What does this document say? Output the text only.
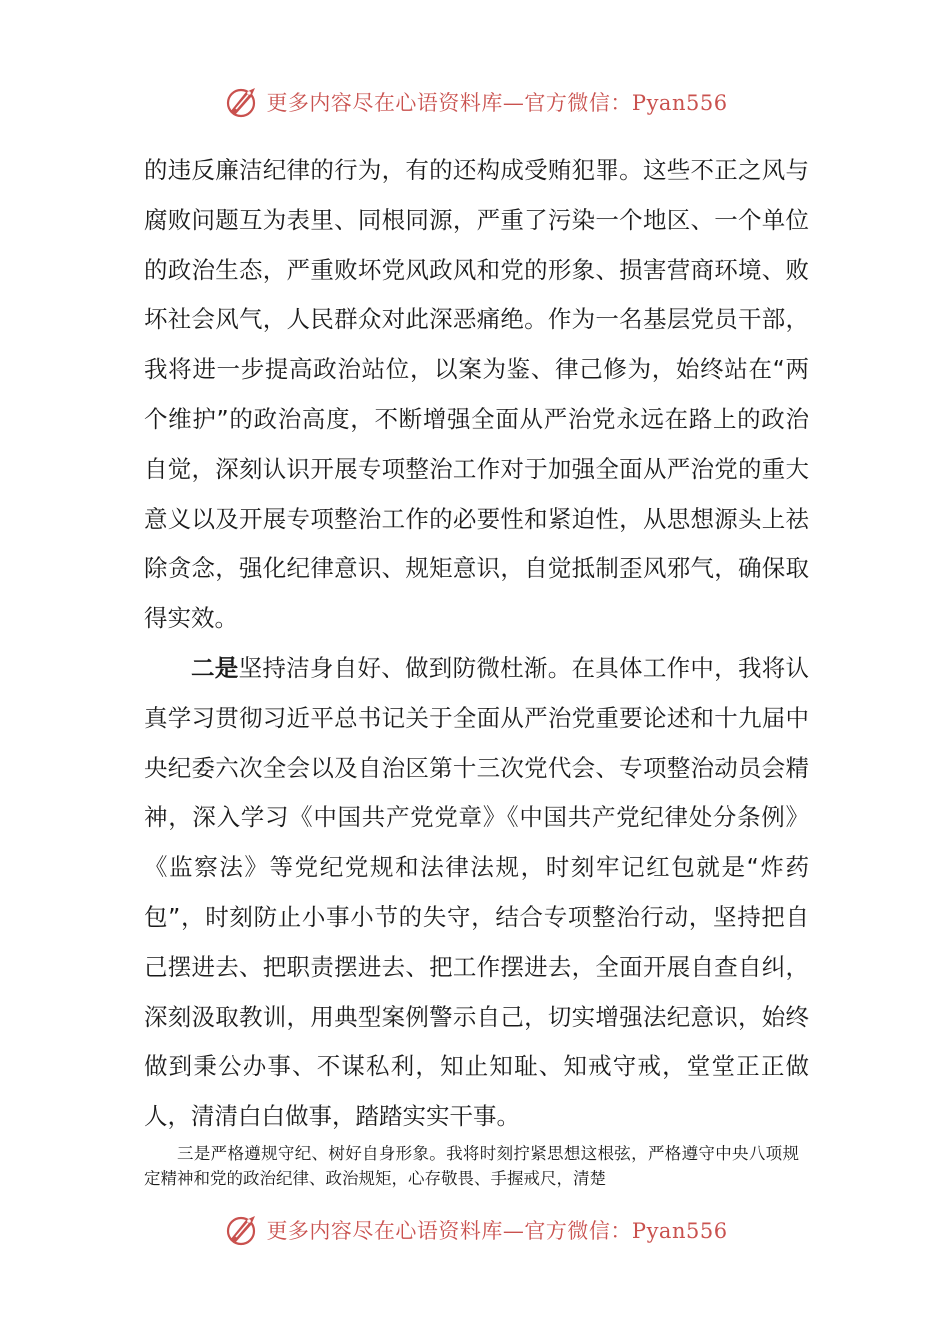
更多内容尽在心语资料库—官方微信：Pyan556

的违反廉洁纪律的行为，有的还构成受贿犯罪。这些不正之风与腐败问题互为表里、同根同源，严重了污染一个地区、一个单位的政治生态，严重败坏党风政风和党的形象、损害营商环境、败坏社会风气，人民群众对此深恶痛绝。作为一名基层党员干部，我将进一步提高政治站位，以案为鉴、律己修为，始终站在“两个维护”的政治高度，不断增强全面从严治党永远在路上的政治自觉，深刻认识开展专项整治工作对于加强全面从严治党的重大意义以及开展专项整治工作的必要性和紧迫性，从思想源头上祛除贪念，强化纪律意识、规矩意识，自觉抵制歪风邪气，确保取得实效。

二是坚持洁身自好、做到防微杜渐。在具体工作中，我将认真学习贯彻习近平总书记关于全面从严治党重要论述和十九届中央纪委六次全会以及自治区第十三次党代会、专项整治动员会精神，深入学习《中国共产党党章》《中国共产党纪律处分条例》《监察法》等党纪党规和法律法规，时刻牢记红包就是“炸药包”，时刻防止小事小节的失守，结合专项整治行动，坚持把自己摆进去、把职责摆进去、把工作摆进去，全面开展自查自纠，深刻汲取教训，用典型案例警示自己，切实增强法纪意识，始终做到秉公办事、不谋私利，知止知耻、知戒守戒，堂堂正正做人，清清白白做事，踏踏实实干事。

三是严格遵规守纪、树好自身形象。我将时刻拧紧思想这根弦，严格遵守中央八项规定精神和党的政治纪律、政治规矩，心存敬畏、手握戒尺，清楚

更多内容尽在心语资料库—官方微信：Pyan556
